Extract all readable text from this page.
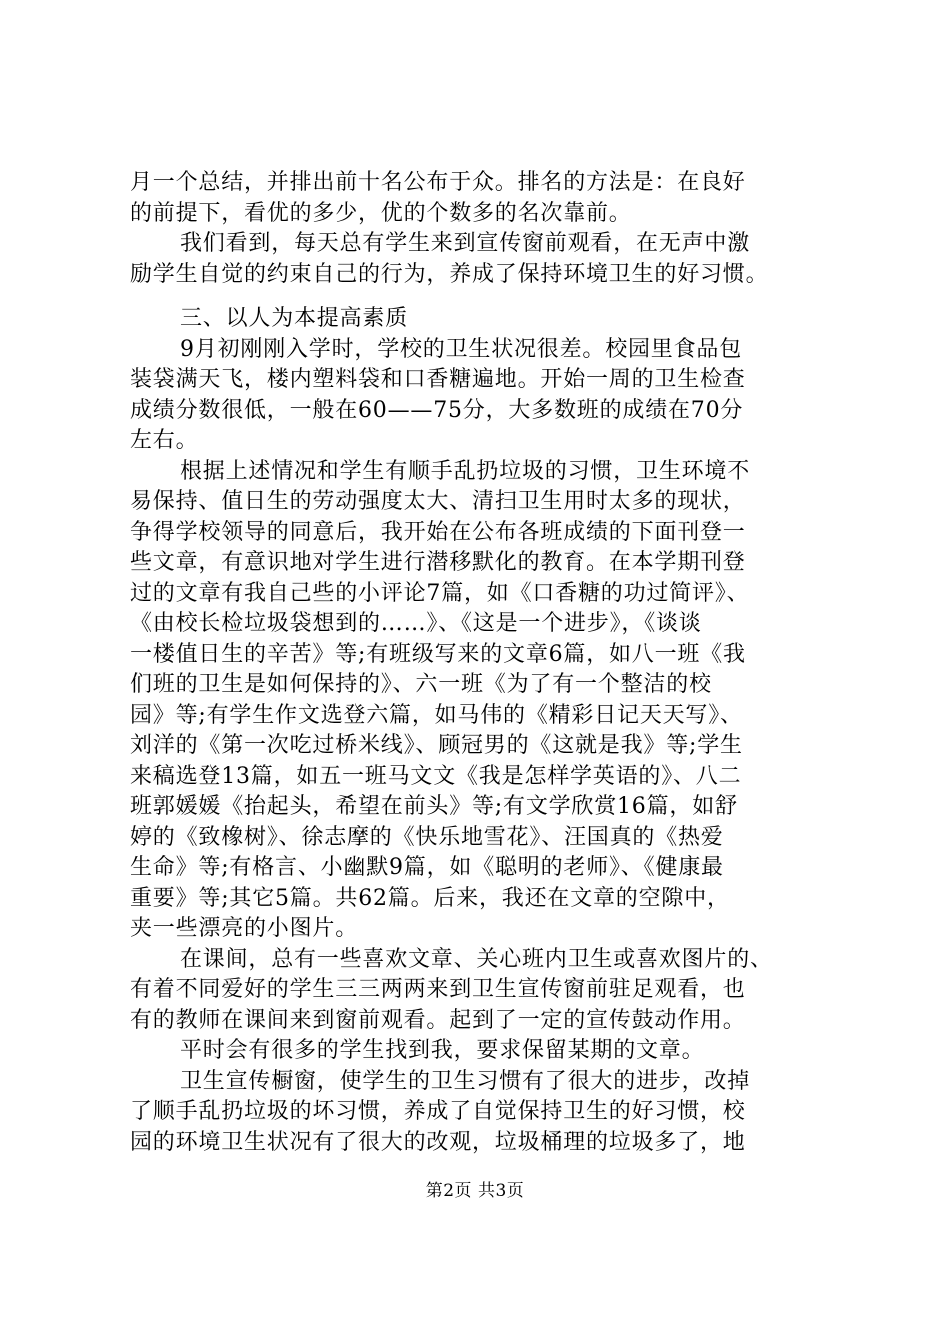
月一个总结，并排出前十名公布于众。排名的方法是：在良好
的前提下，看优的多少，优的个数多的名次靠前。
我们看到，每天总有学生来到宣传窗前观看，在无声中激
励学生自觉的约束自己的行为，养成了保持环境卫生的好习惯。
三、以人为本提高素质
9月初刚刚入学时，学校的卫生状况很差。校园里食品包
装袋满天飞，楼内塑料袋和口香糖遍地。开始一周的卫生检查
成绩分数很低，一般在60——75分，大多数班的成绩在70分
左右。
根据上述情况和学生有顺手乱扔垃圾的习惯，卫生环境不
易保持、值日生的劳动强度太大、清扫卫生用时太多的现状，
争得学校领导的同意后，我开始在公布各班成绩的下面刊登一
些文章，有意识地对学生进行潜移默化的教育。在本学期刊登
过的文章有我自己些的小评论7篇，如《口香糖的功过简评》、
《由校长检垃圾袋想到的……》、《这是一个进步》，《谈谈
一楼值日生的辛苦》等;有班级写来的文章6篇，如八一班《我
们班的卫生是如何保持的》、六一班《为了有一个整洁的校
园》等;有学生作文选登六篇，如马伟的《精彩日记天天写》、
刘洋的《第一次吃过桥米线》、顾冠男的《这就是我》等;学生
来稿选登13篇，如五一班马文文《我是怎样学英语的》、八二
班郭媛媛《抬起头，希望在前头》等;有文学欣赏16篇，如舒
婷的《致橡树》、徐志摩的《快乐地雪花》、汪国真的《热爱
生命》等;有格言、小幽默9篇，如《聪明的老师》、《健康最
重要》等;其它5篇。共62篇。后来，我还在文章的空隙中，
夹一些漂亮的小图片。
在课间，总有一些喜欢文章、关心班内卫生或喜欢图片的、
有着不同爱好的学生三三两两来到卫生宣传窗前驻足观看，也
有的教师在课间来到窗前观看。起到了一定的宣传鼓动作用。
平时会有很多的学生找到我，要求保留某期的文章。
卫生宣传橱窗，使学生的卫生习惯有了很大的进步，改掉
了顺手乱扔垃圾的坏习惯，养成了自觉保持卫生的好习惯，校
园的环境卫生状况有了很大的改观，垃圾桶理的垃圾多了，地
第2页 共3页
